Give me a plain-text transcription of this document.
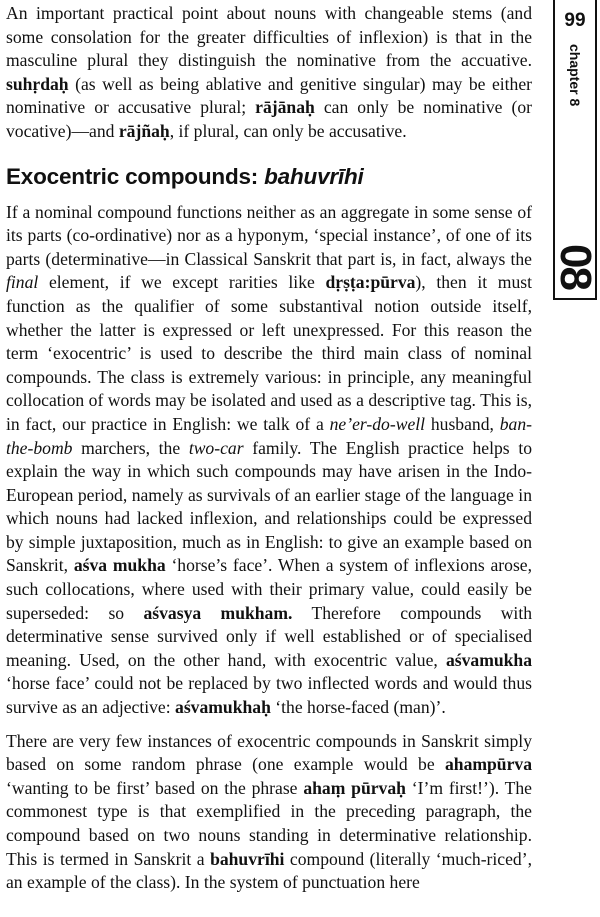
An important practical point about nouns with changeable stems (and some consolation for the greater difficulties of inflexion) is that in the masculine plural they distinguish the nominative from the accuative. suhṛdaḥ (as well as being ablative and genitive singular) may be either nominative or accusative plural; rājānaḥ can only be nominative (or vocative)—and rājñaḥ, if plural, can only be accusative.

Exocentric compounds: bahuvrīhi

If a nominal compound functions neither as an aggregate in some sense of its parts (co-ordinative) nor as a hyponym, ‘special instance’, of one of its parts (determinative—in Classical Sanskrit that part is, in fact, always the final element, if we except rarities like dṛṣṭa:pūrva), then it must function as the qualifier of some substantival notion outside itself, whether the latter is expressed or left unexpressed. For this reason the term ‘exocentric’ is used to describe the third main class of nominal compounds. The class is extremely various: in principle, any meaningful collocation of words may be isolated and used as a descriptive tag. This is, in fact, our practice in English: we talk of a ne’er-do-well husband, ban-the-bomb marchers, the two-car family. The English practice helps to explain the way in which such compounds may have arisen in the Indo-European period, namely as survivals of an earlier stage of the language in which nouns had lacked inflexion, and relationships could be expressed by simple juxtaposition, much as in English: to give an example based on Sanskrit, aśva mukha ‘horse’s face’. When a system of inflexions arose, such collocations, where used with their primary value, could easily be superseded: so aśvasya mukham. Therefore compounds with determinative sense survived only if well established or of specialised meaning. Used, on the other hand, with exocentric value, aśvamukha ‘horse face’ could not be replaced by two inflected words and would thus survive as an adjective: aśvamukhaḥ ‘the horse-faced (man)’.

There are very few instances of exocentric compounds in Sanskrit simply based on some random phrase (one example would be ahampūrva ‘wanting to be first’ based on the phrase ahaṃ pūrvaḥ ‘I’m first!’). The commonest type is that exemplified in the preceding paragraph, the compound based on two nouns standing in determinative relationship. This is termed in Sanskrit a bahuvrīhi compound (literally ‘much-riced’, an example of the class). In the system of punctuation here

99
chapter 8
08
